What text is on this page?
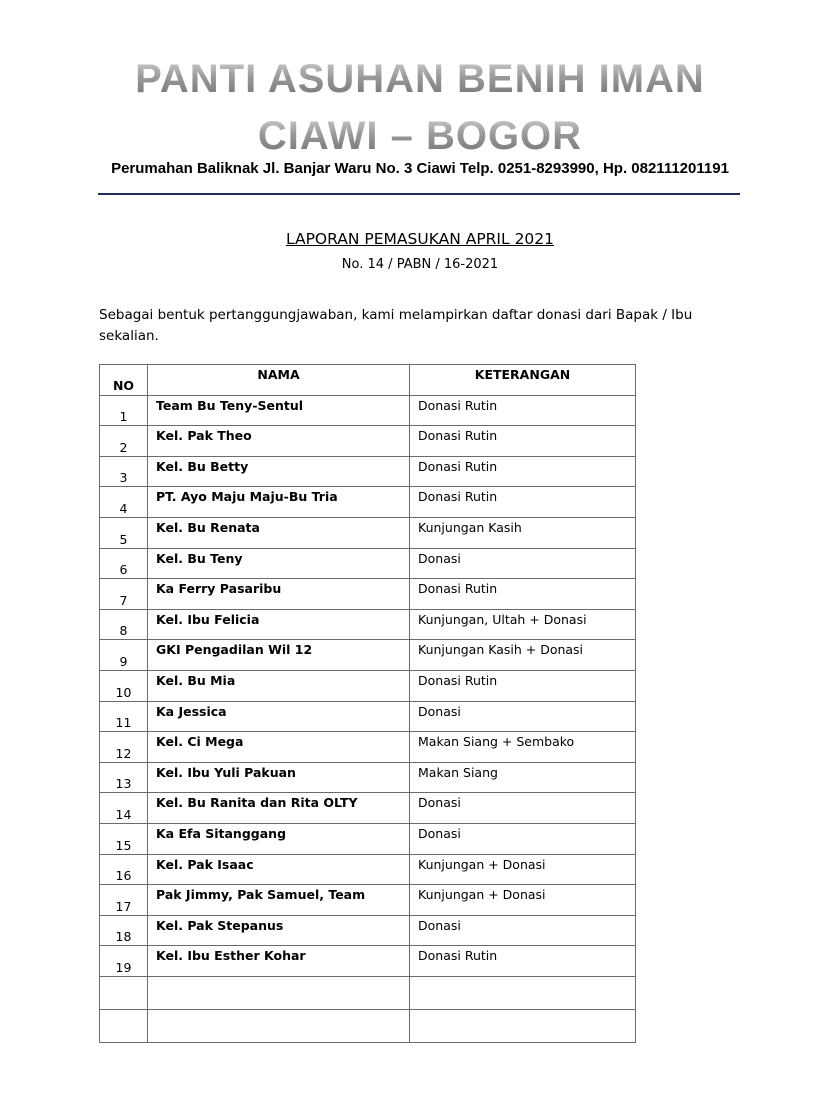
PANTI ASUHAN BENIH IMAN
CIAWI – BOGOR
Perumahan Baliknak Jl. Banjar Waru No. 3 Ciawi Telp. 0251-8293990, Hp. 082111201191
LAPORAN PEMASUKAN APRIL 2021
No. 14 / PABN / 16-2021
Sebagai bentuk pertanggungjawaban, kami melampirkan daftar donasi dari Bapak / Ibu sekalian.
NO	NAMA	KETERANGAN
1	Team Bu Teny-Sentul	Donasi Rutin
2	Kel. Pak Theo	Donasi Rutin
3	Kel. Bu Betty	Donasi Rutin
4	PT. Ayo Maju Maju-Bu Tria	Donasi Rutin
5	Kel. Bu Renata	Kunjungan Kasih
6	Kel. Bu Teny	Donasi
7	Ka Ferry Pasaribu	Donasi Rutin
8	Kel. Ibu Felicia	Kunjungan, Ultah + Donasi
9	GKI Pengadilan Wil 12	Kunjungan Kasih + Donasi
10	Kel. Bu Mia	Donasi Rutin
11	Ka Jessica	Donasi
12	Kel. Ci Mega	Makan Siang + Sembako
13	Kel. Ibu Yuli Pakuan	Makan Siang
14	Kel. Bu Ranita dan Rita OLTY	Donasi
15	Ka Efa Sitanggang	Donasi
16	Kel. Pak Isaac	Kunjungan + Donasi
17	Pak Jimmy, Pak Samuel, Team	Kunjungan + Donasi
18	Kel. Pak Stepanus	Donasi
19	Kel. Ibu Esther Kohar	Donasi Rutin
